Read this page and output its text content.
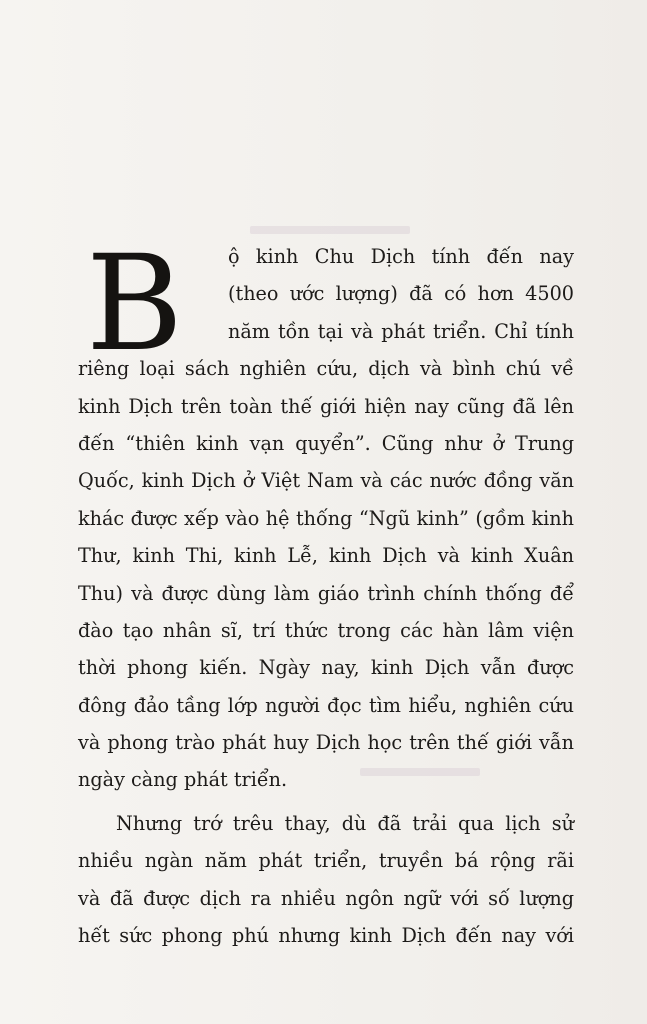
B	ộ kinh Chu Dịch tính đến nay
(theo ước lượng) đã có hơn 4500
năm tồn tại và phát triển. Chỉ tính
riêng loại sách nghiên cứu, dịch và bình chú về
kinh Dịch trên toàn thế giới hiện nay cũng đã lên
đến “thiên kinh vạn quyển”. Cũng như ở Trung
Quốc, kinh Dịch ở Việt Nam và các nước đồng văn
khác được xếp vào hệ thống “Ngũ kinh” (gồm kinh
Thư, kinh Thi, kinh Lễ, kinh Dịch và kinh Xuân
Thu) và được dùng làm giáo trình chính thống để
đào tạo nhân sĩ, trí thức trong các hàn lâm viện
thời phong kiến. Ngày nay, kinh Dịch vẫn được
đông đảo tầng lớp người đọc tìm hiểu, nghiên cứu
và phong trào phát huy Dịch học trên thế giới vẫn
ngày càng phát triển.
Nhưng trớ trêu thay, dù đã trải qua lịch sử
nhiều ngàn năm phát triển, truyền bá rộng rãi
và đã được dịch ra nhiều ngôn ngữ với số lượng
hết sức phong phú nhưng kinh Dịch đến nay với
